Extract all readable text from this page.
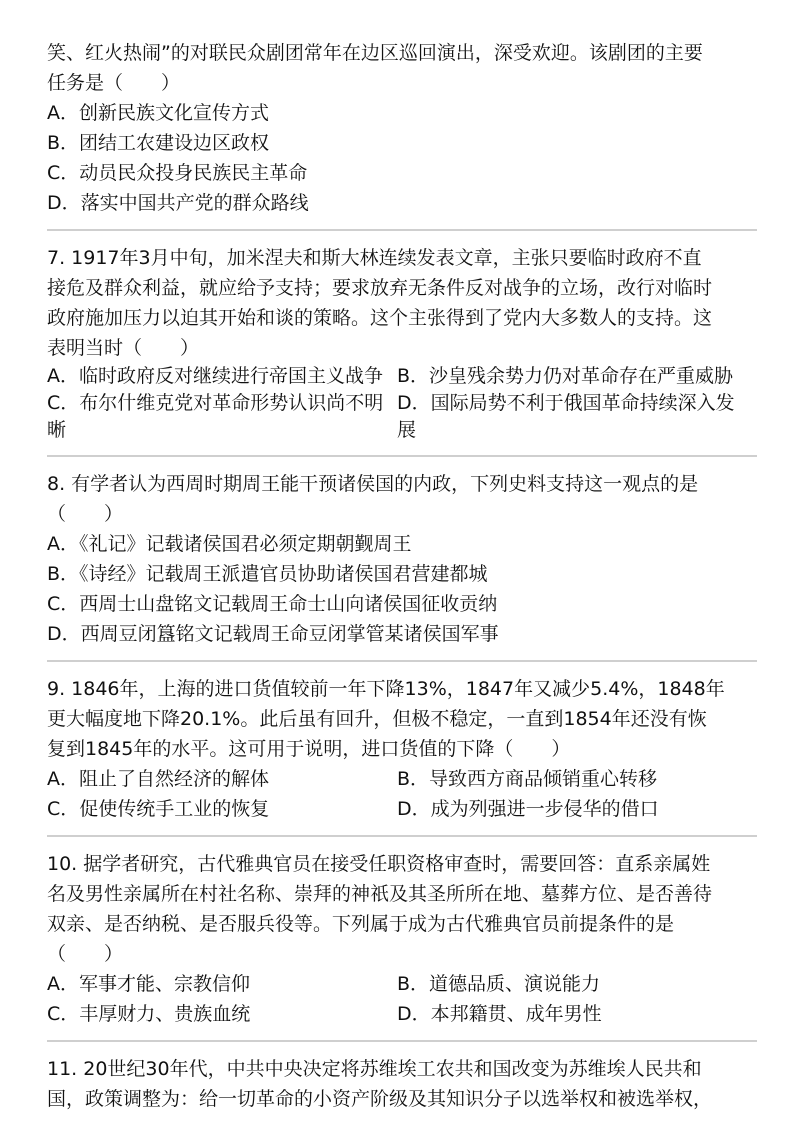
笑、红火热闹”的对联民众剧团常年在边区巡回演出，深受欢迎。该剧团的主要
任务是（　　）
A．创新民族文化宣传方式
B．团结工农建设边区政权
C．动员民众投身民族民主革命
D．落实中国共产党的群众路线
7. 1917年3月中旬，加米涅夫和斯大林连续发表文章，主张只要临时政府不直
接危及群众利益，就应给予支持；要求放弃无条件反对战争的立场，改行对临时
政府施加压力以迫其开始和谈的策略。这个主张得到了党内大多数人的支持。这
表明当时（　　）
A．临时政府反对继续进行帝国主义战争 B．沙皇残余势力仍对革命存在严重威胁
C．布尔什维克党对革命形势认识尚不明晰
D．国际局势不利于俄国革命持续深入发展
8. 有学者认为西周时期周王能干预诸侯国的内政，下列史料支持这一观点的是
（　　）
A．《礼记》记载诸侯国君必须定期朝觐周王
B．《诗经》记载周王派遣官员协助诸侯国君营建都城
C．西周士山盘铭文记载周王命士山向诸侯国征收贡纳
D．西周豆闭簋铭文记载周王命豆闭掌管某诸侯国军事
9. 1846年，上海的进口货值较前一年下降13%，1847年又减少5.4%，1848年
更大幅度地下降20.1%。此后虽有回升，但极不稳定，一直到1854年还没有恢
复到1845年的水平。这可用于说明，进口货值的下降（　　）
A．阻止了自然经济的解体	B．导致西方商品倾销重心转移
C．促使传统手工业的恢复	D．成为列强进一步侵华的借口
10. 据学者研究，古代雅典官员在接受任职资格审查时，需要回答：直系亲属姓
名及男性亲属所在村社名称、崇拜的神祇及其圣所所在地、墓葬方位、是否善待
双亲、是否纳税、是否服兵役等。下列属于成为古代雅典官员前提条件的是
（　　）
A．军事才能、宗教信仰	B．道德品质、演说能力
C．丰厚财力、贵族血统	D．本邦籍贯、成年男性
11. 20世纪30年代，中共中央决定将苏维埃工农共和国改变为苏维埃人民共和
国，政策调整为：给一切革命的小资产阶级及其知识分子以选举权和被选举权，
